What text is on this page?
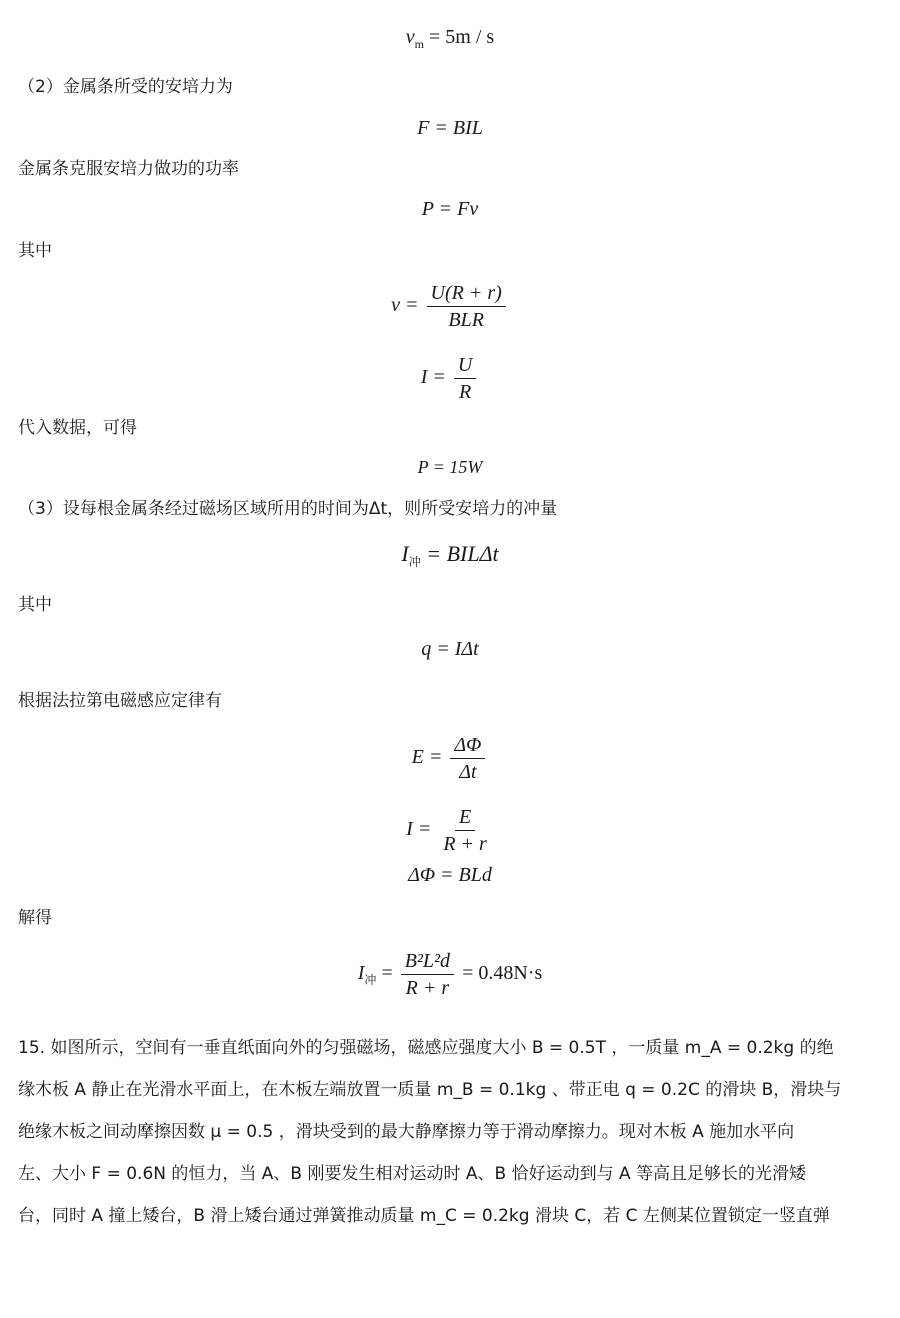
$v_m = 5m / s$
（2）金属条所受的安培力为
F = BIL
金属条克服安培力做功的功率
P = Fv
其中
$v = \frac{U(R + r)}{\text{BLR}}$
$I = \frac{U}{R}$
代入数据，可得
P = 15W
（3）设每根金属条经过磁场区域所用的时间为Δt，则所受安培力的冲量
$I_冲 = BIL\Delta t$
其中
q = IΔt
根据法拉第电磁感应定律有
$E = \frac{\Delta\Phi}{\Delta t}$
$I = \frac{E}{R + r}$
ΔΦ = BLd
解得
$I_冲 = \frac{\text{B²L²d}}{R + r} = 0.48N\cdot s$
15. 如图所示，空间有一垂直纸面向外的匀强磁场，磁感应强度大小 B = 0.5T ，一质量 m_A = 0.2kg 的绝
缘木板 A 静止在光滑水平面上，在木板左端放置一质量 m_B = 0.1kg 、带正电 q = 0.2C 的滑块 B，滑块与
绝缘木板之间动摩擦因数 μ = 0.5 ，滑块受到的最大静摩擦力等于滑动摩擦力。现对木板 A 施加水平向
左、大小 F = 0.6N 的恒力，当 A、B 刚要发生相对运动时 A、B 恰好运动到与 A 等高且足够长的光滑矮
台，同时 A 撞上矮台，B 滑上矮台通过弹簧推动质量 m_C = 0.2kg 滑块 C，若 C 左侧某位置锁定一竖直弹
